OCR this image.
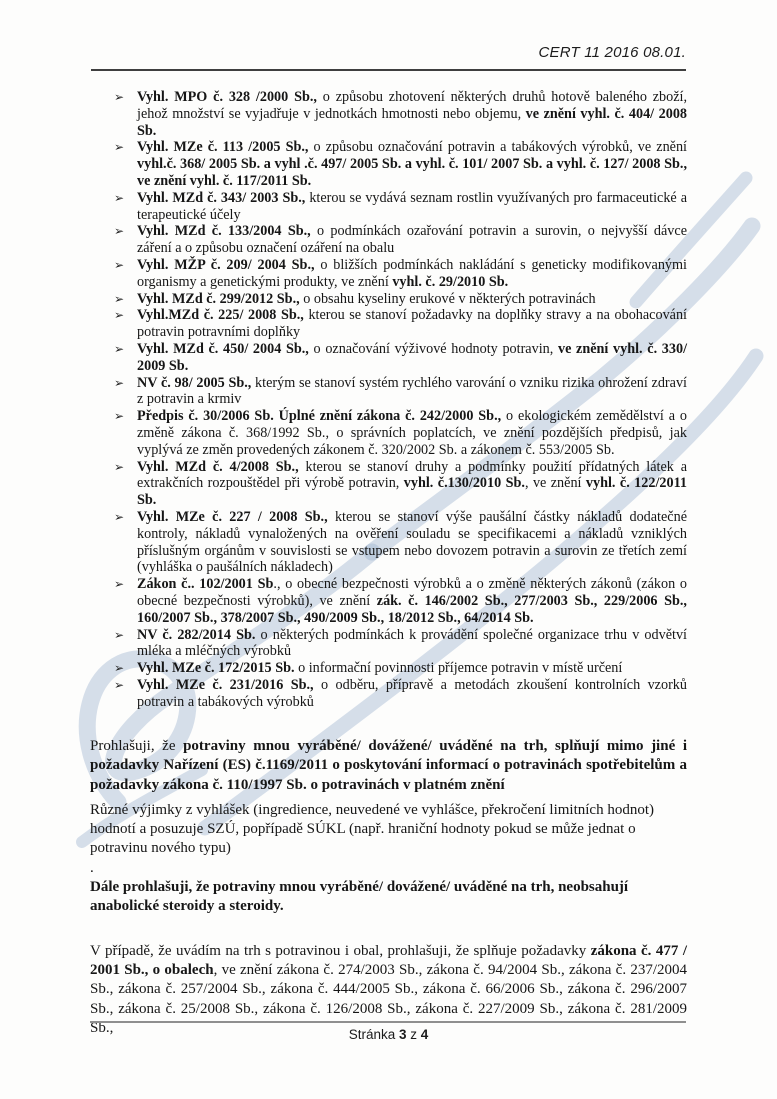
CERT 11 2016 08.01.
➢ Vyhl. MPO č. 328 /2000 Sb., o způsobu zhotovení některých druhů hotově baleného zboží, jehož množství se vyjadřuje v jednotkách hmotnosti nebo objemu, ve znění vyhl. č. 404/ 2008 Sb.
➢ Vyhl. MZe č. 113 /2005 Sb., o způsobu označování potravin a tabákových výrobků, ve znění vyhl.č. 368/ 2005 Sb. a vyhl .č. 497/ 2005 Sb. a vyhl. č. 101/ 2007 Sb. a vyhl. č. 127/ 2008 Sb., ve znění vyhl. č. 117/2011 Sb.
➢ Vyhl. MZd č. 343/ 2003 Sb., kterou se vydává seznam rostlin využívaných pro farmaceutické a terapeutické účely
➢ Vyhl. MZd č. 133/2004 Sb., o podmínkách ozařování potravin a surovin, o nejvyšší dávce záření a o způsobu označení ozáření na obalu
➢ Vyhl. MŽP č. 209/ 2004 Sb., o bližších podmínkách nakládání s geneticky modifikovanými organismy a genetickými produkty, ve znění vyhl. č. 29/2010 Sb.
➢ Vyhl. MZd č. 299/2012 Sb., o obsahu kyseliny erukové v některých potravinách
➢ Vyhl.MZd č. 225/ 2008 Sb., kterou se stanoví požadavky na doplňky stravy a na obohacování potravin potravními doplňky
➢ Vyhl. MZd č. 450/ 2004 Sb., o označování výživové hodnoty potravin, ve znění vyhl. č. 330/ 2009 Sb.
➢ NV č. 98/ 2005 Sb., kterým se stanoví systém rychlého varování o vzniku rizika ohrožení zdraví z potravin a krmiv
➢ Předpis č. 30/2006 Sb. Úplné znění zákona č. 242/2000 Sb., o ekologickém zemědělství a o změně zákona č. 368/1992 Sb., o správních poplatcích, ve znění pozdějších předpisů, jak vyplývá ze změn provedených zákonem č. 320/2002 Sb. a zákonem č. 553/2005 Sb.
➢ Vyhl. MZd č. 4/2008 Sb., kterou se stanoví druhy a podmínky použití přídatných látek a extrakčních rozpouštědel při výrobě potravin, vyhl. č.130/2010 Sb., ve znění vyhl. č. 122/2011 Sb.
➢ Vyhl. MZe č. 227 / 2008 Sb., kterou se stanoví výše paušální částky nákladů dodatečné kontroly, nákladů vynaložených na ověření souladu se specifikacemi a nákladů vzniklých příslušným orgánům v souvislosti se vstupem nebo dovozem potravin a surovin ze třetích zemí (vyhláška o paušálních nákladech)
➢ Zákon č.. 102/2001 Sb., o obecné bezpečnosti výrobků a o změně některých zákonů (zákon o obecné bezpečnosti výrobků), ve znění zák. č. 146/2002 Sb., 277/2003 Sb., 229/2006 Sb., 160/2007 Sb., 378/2007 Sb., 490/2009 Sb., 18/2012 Sb., 64/2014 Sb.
➢ NV č. 282/2014 Sb. o některých podmínkách k provádění společné organizace trhu v odvětví mléka a mléčných výrobků
➢ Vyhl. MZe č. 172/2015 Sb. o informační povinnosti příjemce potravin v místě určení
➢ Vyhl. MZe č. 231/2016 Sb., o odběru, přípravě a metodách zkoušení kontrolních vzorků potravin a tabákových výrobků
Prohlašuji, že potraviny mnou vyráběné/ dovážené/ uváděné na trh, splňují mimo jiné i požadavky Nařízení (ES) č.1169/2011 o poskytování informací o potravinách spotřebitelům a požadavky zákona č. 110/1997 Sb. o potravinách v platném znění
Různé výjimky z vyhlášek (ingredience, neuvedené ve vyhlášce, překročení limitních hodnot) hodnotí a posuzuje SZÚ, popřípadě SÚKL (např. hraniční hodnoty pokud se může jednat o potravinu nového typu)
.
Dále prohlašuji, že potraviny mnou vyráběné/ dovážené/ uváděné na trh, neobsahují anabolické steroidy a steroidy.
V případě, že uvádím na trh s potravinou i obal, prohlašuji, že splňuje požadavky zákona č. 477 / 2001 Sb., o obalech, ve znění zákona č. 274/2003 Sb., zákona č. 94/2004 Sb., zákona č. 237/2004 Sb., zákona č. 257/2004 Sb., zákona č. 444/2005 Sb., zákona č. 66/2006 Sb., zákona č. 296/2007 Sb., zákona č. 25/2008 Sb., zákona č. 126/2008 Sb., zákona č. 227/2009 Sb., zákona č. 281/2009 Sb.,	Stránka 3 z 4
